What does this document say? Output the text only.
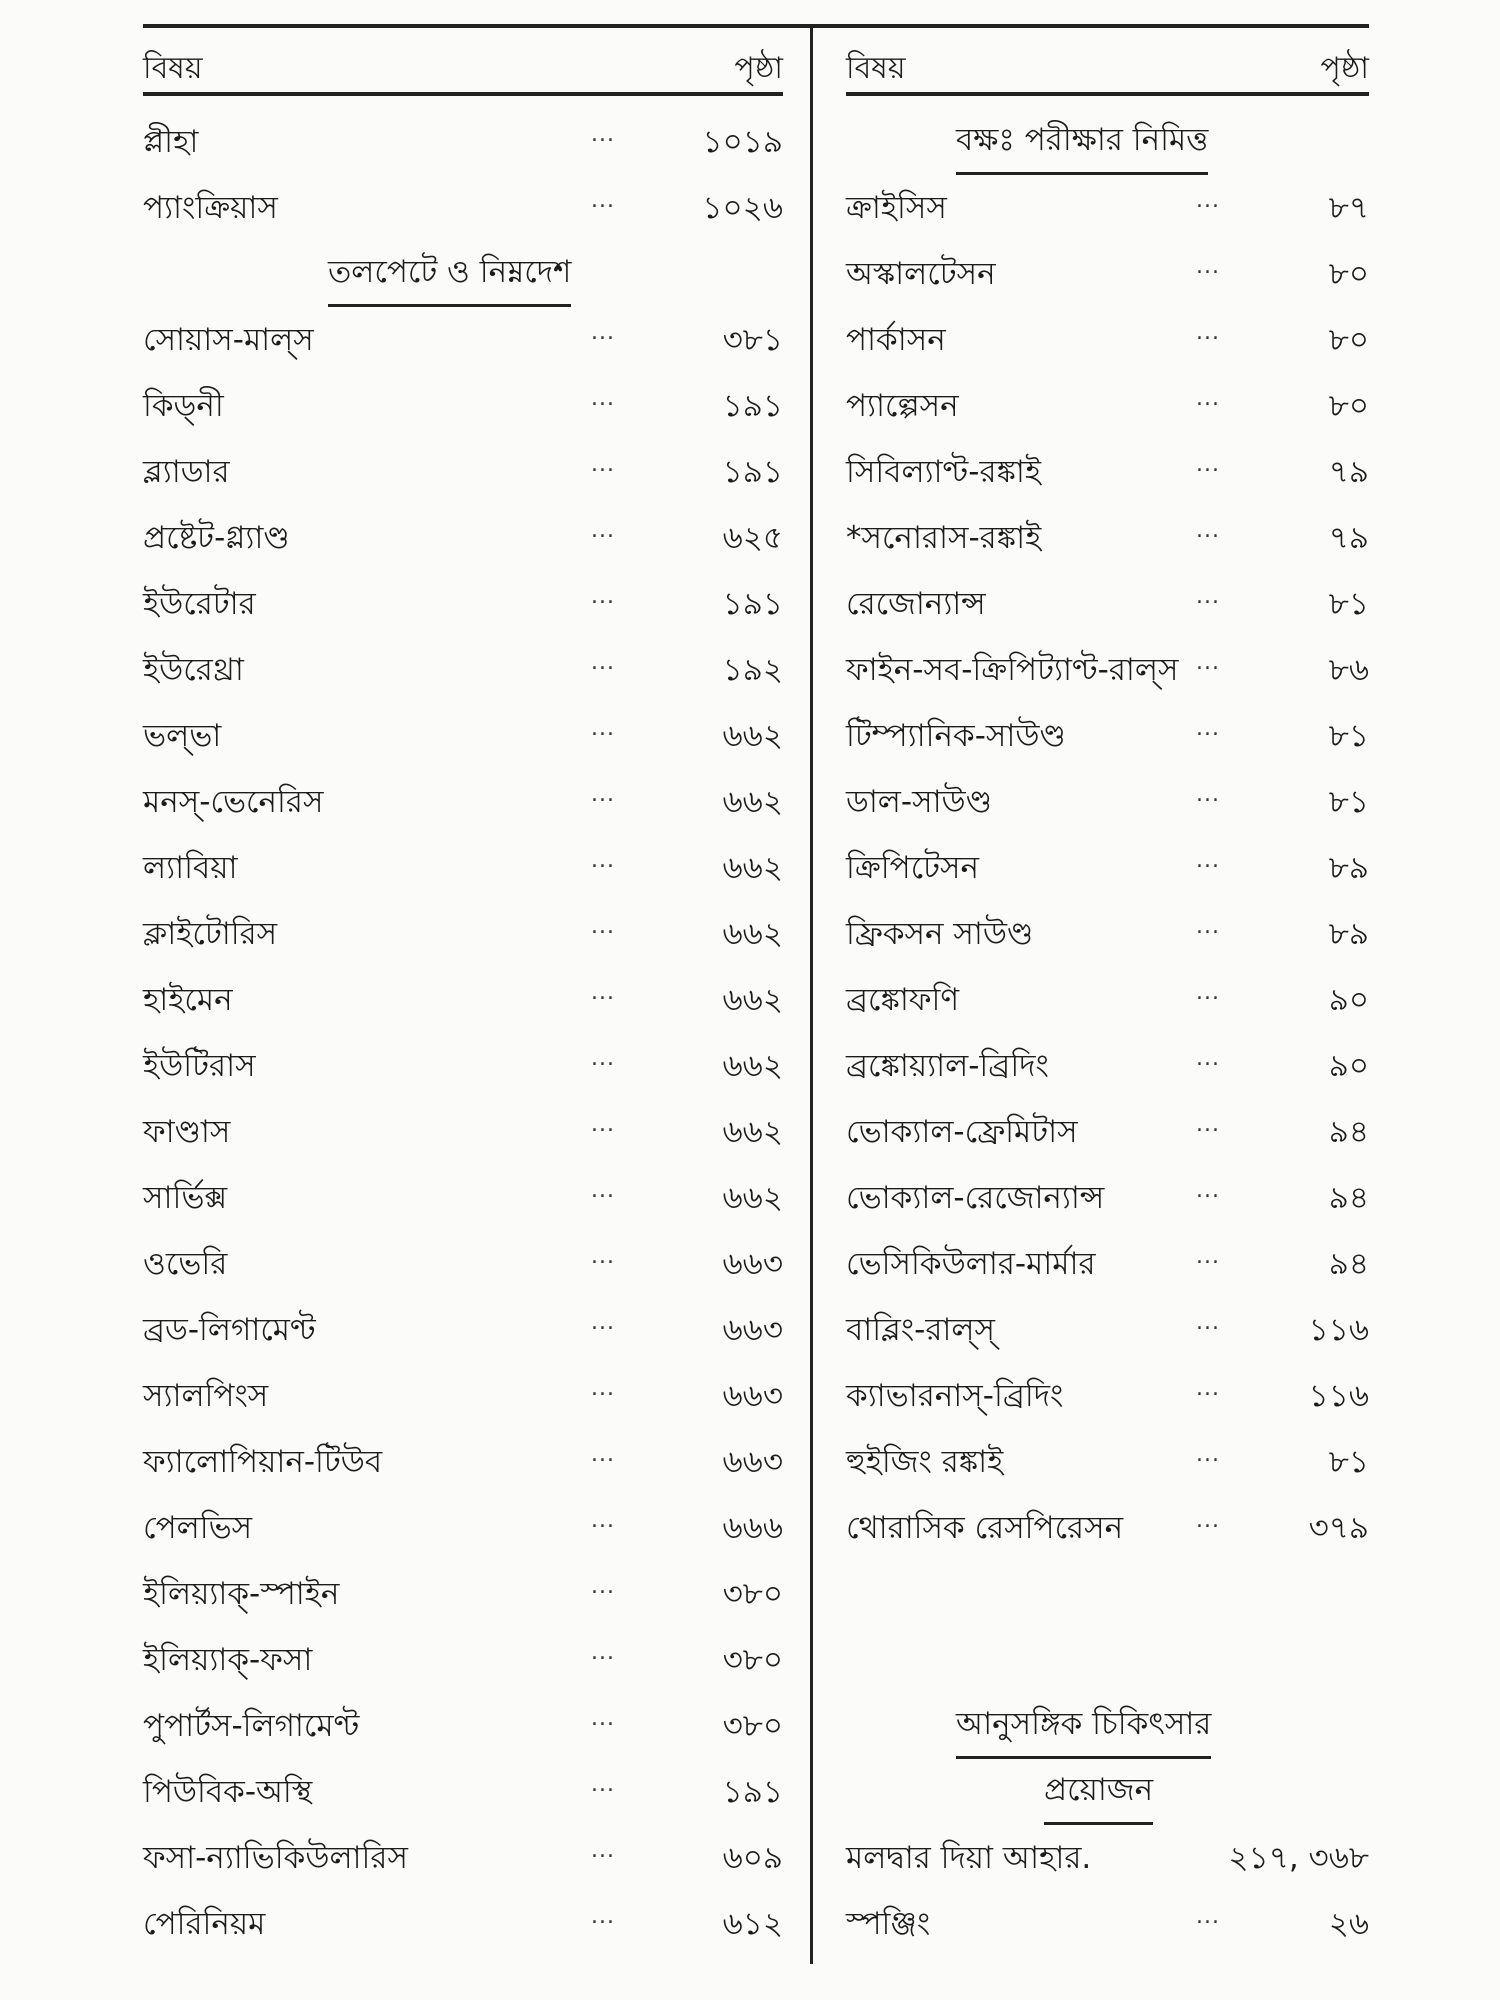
বিষয়	পৃষ্ঠা
প্লীহা	...	১০১৯
প্যাংক্রিয়াস	...	১০২৬
তলপেটে ও নিম্নদেশ
সোয়াস-মাল্স	...	৩৮১
কিড্নী	...	১৯১
ব্ল্যাডার	...	১৯১
প্রষ্টেট-গ্ল্যাণ্ড	...	৬২৫
ইউরেটার	...	১৯১
ইউরেথ্রা	...	১৯২
ভল্ভা	...	৬৬২
মনস্-ভেনেরিস	...	৬৬২
ল্যাবিয়া	...	৬৬২
ক্লাইটোরিস	...	৬৬২
হাইমেন	...	৬৬২
ইউটিরাস	...	৬৬২
ফাণ্ডাস	...	৬৬২
সার্ভিক্স	...	৬৬২
ওভেরি	...	৬৬৩
ব্রড-লিগামেণ্ট	...	৬৬৩
স্যালপিংস	...	৬৬৩
ফ্যালোপিয়ান-টিউব	...	৬৬৩
পেলভিস	...	৬৬৬
ইলিয়্যাক্-স্পাইন	...	৩৮০
ইলিয়্যাক্-ফসা	...	৩৮০
পুপার্টস-লিগামেণ্ট	...	৩৮০
পিউবিক-অস্থি	...	১৯১
ফসা-ন্যাভিকিউলারিস	...	৬০৯
পেরিনিয়ম	...	৬১২
বিষয়	পৃষ্ঠা
বক্ষঃ পরীক্ষার নিমিত্ত
ক্রাইসিস	...	৮৭
অস্কালটেসন	...	৮০
পার্কাসন	...	৮০
প্যাল্পেসন	...	৮০
সিবিল্যাণ্ট-রঙ্কাই	...	৭৯
*সনোরাস-রঙ্কাই	...	৭৯
রেজোন্যান্স	...	৮১
ফাইন-সব-ক্রিপিট্যাণ্ট-রাল্স ...	৮৬
টিম্প্যানিক-সাউণ্ড	...	৮১
ডাল-সাউণ্ড	...	৮১
ক্রিপিটেসন	...	৮৯
ফ্রিকসন সাউণ্ড	...	৮৯
ব্রঙ্কোফণি	...	৯০
ব্রঙ্কোয়্যাল-ব্রিদিং	...	৯০
ভোক্যাল-ফ্রেমিটাস	...	৯৪
ভোক্যাল-রেজোন্যান্স	...	৯৪
ভেসিকিউলার-মার্মার	...	৯৪
বাব্লিং-রাল্স্	...	১১৬
ক্যাভারনাস্-ব্রিদিং	...	১১৬
হুইজিং রঙ্কাই	...	৮১
থোরাসিক রেসপিরেসন	...	৩৭৯
আনুসঙ্গিক চিকিৎসার
প্রয়োজন
মলদ্বার দিয়া আহার.	২১৭, ৩৬৮
স্পঞ্জিং	...	২৬
